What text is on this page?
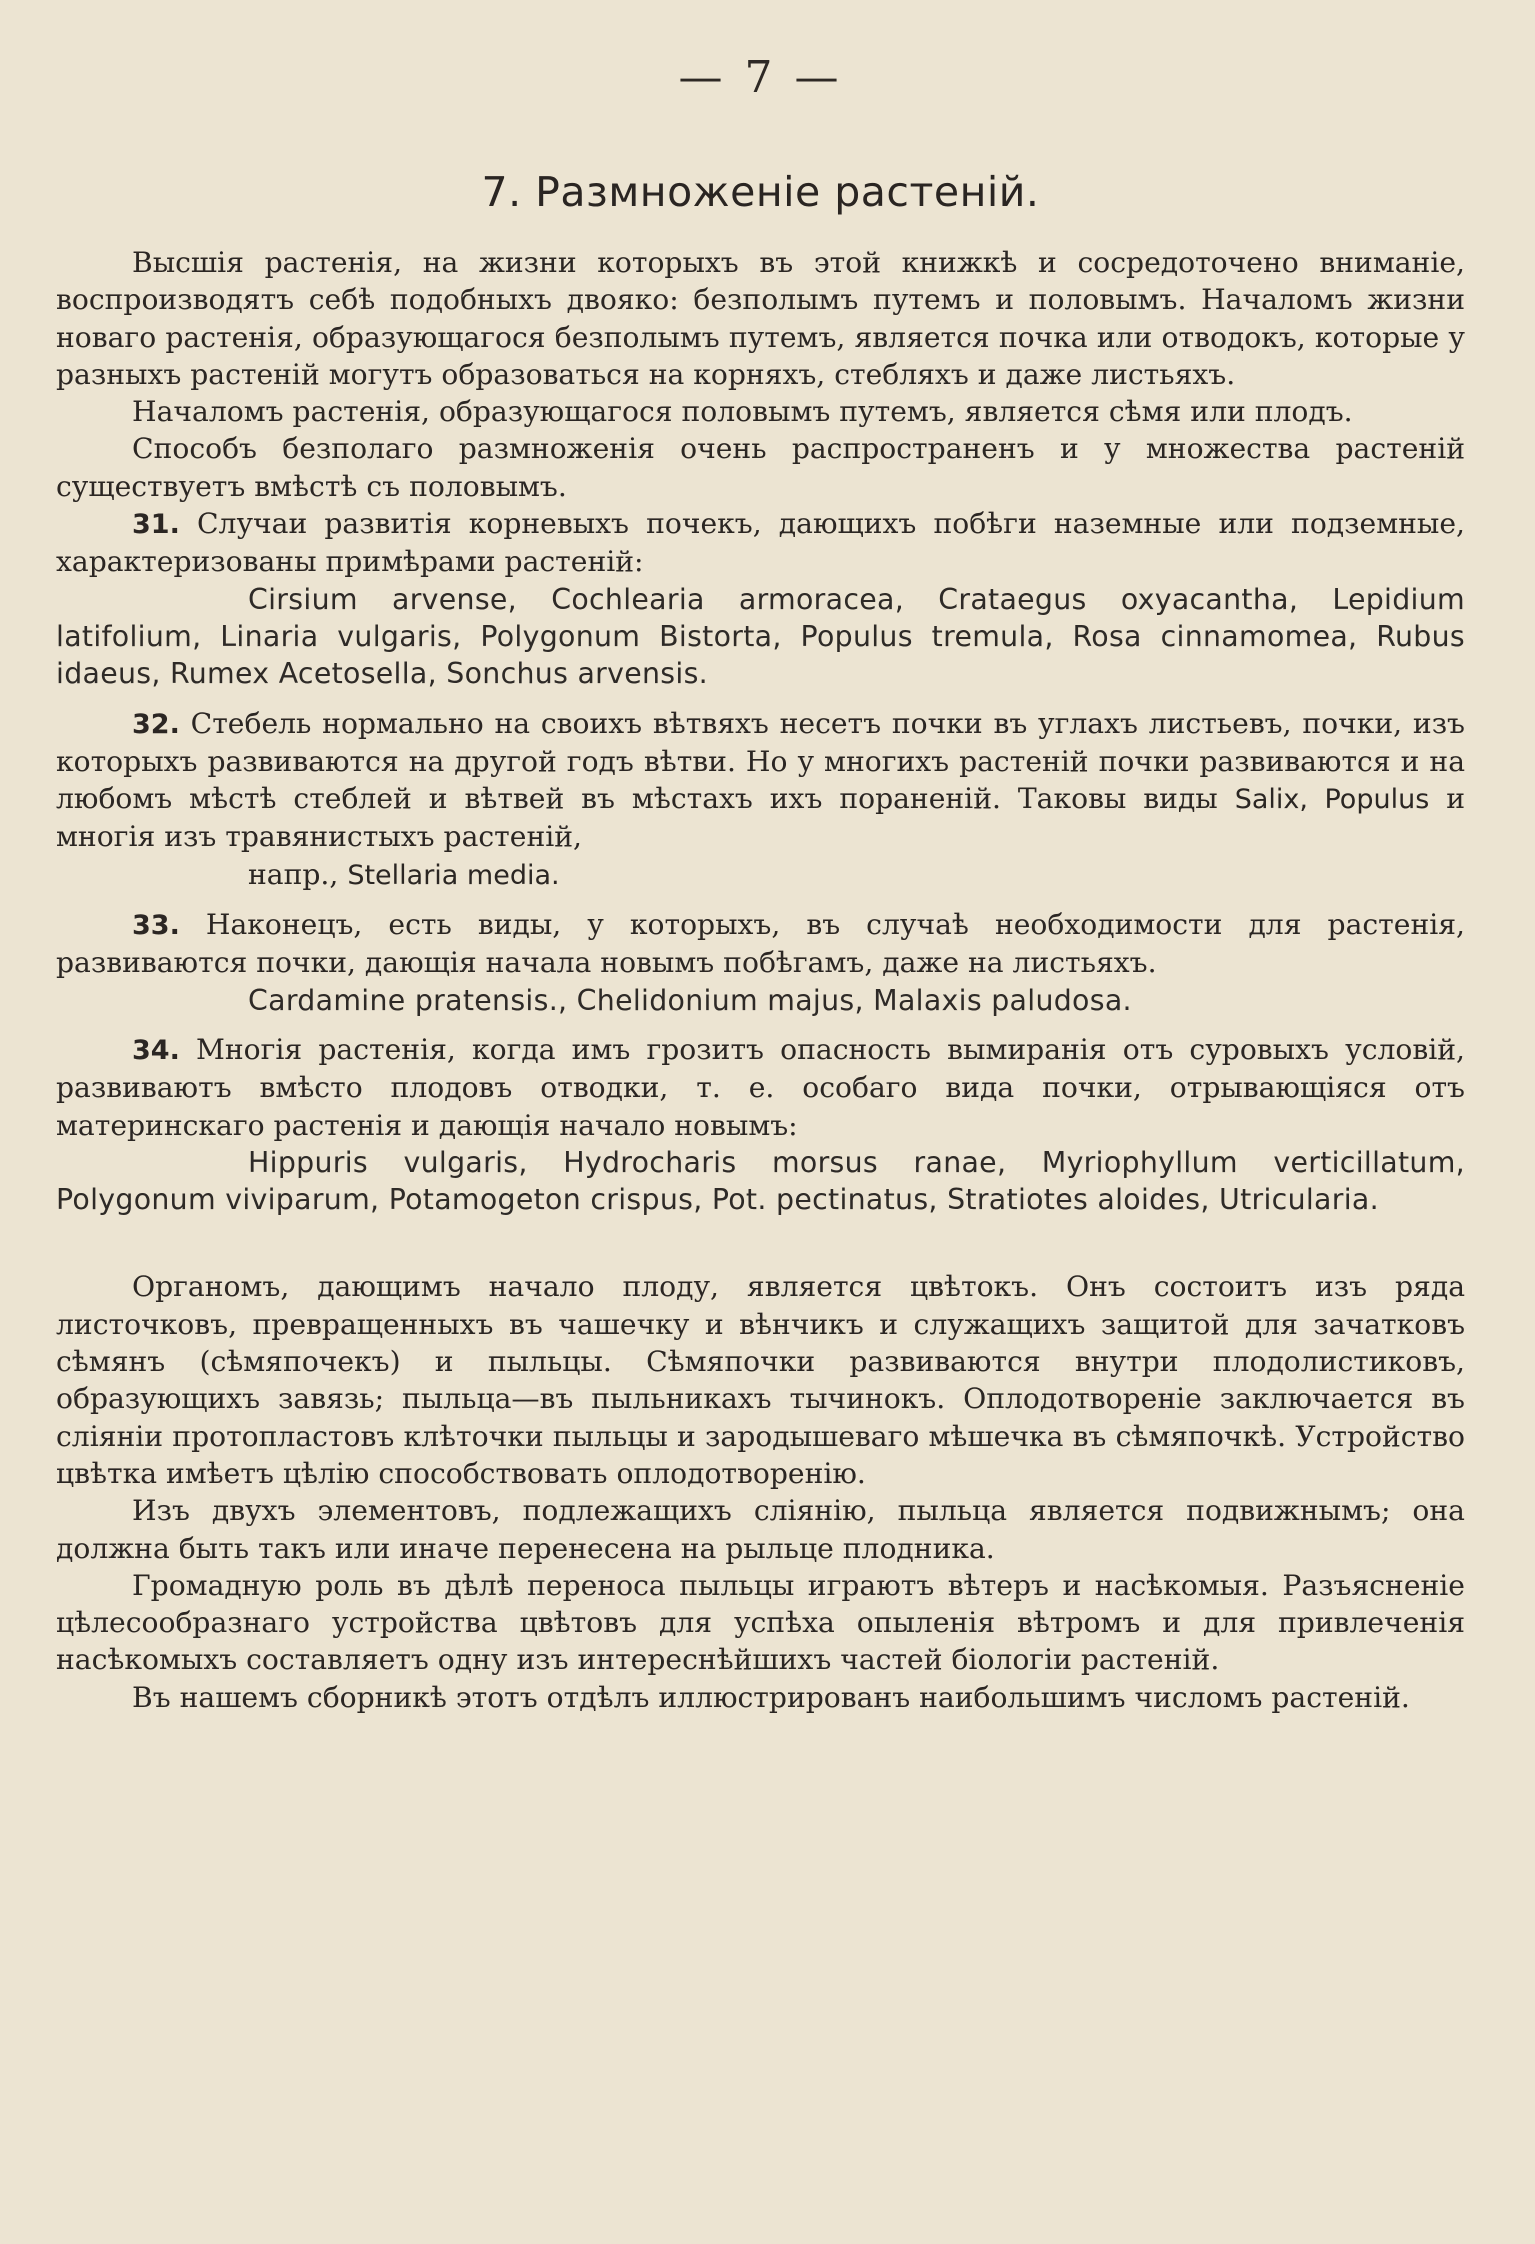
— 7 —
7. Размноженіе растеній.

Высшія растенія, на жизни которыхъ въ этой книжкѣ и сосредоточено вниманіе, воспроизводятъ себѣ подобныхъ двояко: безполымъ путемъ и половымъ. Началомъ жизни новаго растенія, образующагося безполымъ путемъ, является почка или отводокъ, которые у разныхъ растеній могутъ образоваться на корняхъ, стебляхъ и даже листьяхъ.

Началомъ растенія, образующагося половымъ путемъ, является сѣмя или плодъ.

Способъ безполаго размноженія очень распространенъ и у множества растеній существуетъ вмѣстѣ съ половымъ.

31. Случаи развитія корневыхъ почекъ, дающихъ побѣги наземные или подземные, характеризованы примѣрами растеній:

Cirsium arvense, Cochlearia armoracea, Crataegus oxyacantha, Lepidium latifolium, Linaria vulgaris, Polygonum Bistorta, Populus tremula, Rosa cinnamomea, Rubus idaeus, Rumex Acetosella, Sonchus arvensis.

32. Стебель нормально на своихъ вѣтвяхъ несетъ почки въ углахъ листьевъ, почки, изъ которыхъ развиваются на другой годъ вѣтви. Но у многихъ растеній почки развиваются и на любомъ мѣстѣ стеблей и вѣтвей въ мѣстахъ ихъ пораненій. Таковы виды Salix, Populus и многія изъ травянистыхъ растеній,

напр., Stellaria media.

33. Наконецъ, есть виды, у которыхъ, въ случаѣ необходимости для растенія, развиваются почки, дающія начала новымъ побѣгамъ, даже на листьяхъ.

Cardamine pratensis., Chelidonium majus, Malaxis paludosa.

34. Многія растенія, когда имъ грозитъ опасность вымиранія отъ суровыхъ условій, развиваютъ вмѣсто плодовъ отводки, т. е. особаго вида почки, отрывающіяся отъ материнскаго растенія и дающія начало новымъ:

Hippuris vulgaris, Hydrocharis morsus ranae, Myriophyllum verticillatum, Polygonum viviparum, Potamogeton crispus, Pot. pectinatus, Stratiotes aloides, Utricularia.

Органомъ, дающимъ начало плоду, является цвѣтокъ. Онъ состоитъ изъ ряда листочковъ, превращенныхъ въ чашечку и вѣнчикъ и служащихъ защитой для зачатковъ сѣмянъ (сѣмяпочекъ) и пыльцы. Сѣмяпочки развиваются внутри плодолистиковъ, образующихъ завязь; пыльца—въ пыльникахъ тычинокъ. Оплодотвореніе заключается въ сліяніи протопластовъ клѣточки пыльцы и зародышеваго мѣшечка въ сѣмяпочкѣ. Устройство цвѣтка имѣетъ цѣлію способствовать оплодотворенію.

Изъ двухъ элементовъ, подлежащихъ сліянію, пыльца является подвижнымъ; она должна быть такъ или иначе перенесена на рыльце плодника.

Громадную роль въ дѣлѣ переноса пыльцы играютъ вѣтеръ и насѣкомыя. Разъясненіе цѣлесообразнаго устройства цвѣтовъ для успѣха опыленія вѣтромъ и для привлеченія насѣкомыхъ составляетъ одну изъ интереснѣйшихъ частей біологіи растеній.

Въ нашемъ сборникѣ этотъ отдѣлъ иллюстрированъ наибольшимъ числомъ растеній.
